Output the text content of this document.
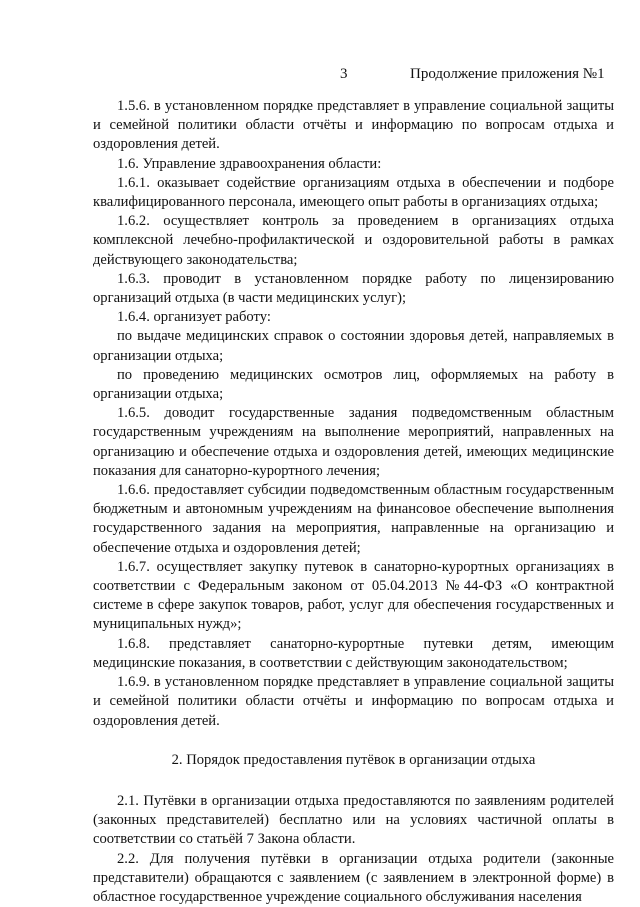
3	Продолжение приложения №1

1.5.6. в установленном порядке представляет в управление социальной защиты и семейной политики области отчёты и информацию по вопросам отдыха и оздоровления детей.

1.6. Управление здравоохранения области:

1.6.1. оказывает содействие организациям отдыха в обеспечении и подборе квалифицированного персонала, имеющего опыт работы в организациях отдыха;

1.6.2. осуществляет контроль за проведением в организациях отдыха комплексной лечебно-профилактической и оздоровительной работы в рамках действующего законодательства;

1.6.3. проводит в установленном порядке работу по лицензированию организаций отдыха (в части медицинских услуг);

1.6.4. организует работу:

по выдаче медицинских справок о состоянии здоровья детей, направляемых в организации отдыха;

по проведению медицинских осмотров лиц, оформляемых на работу в организации отдыха;

1.6.5. доводит государственные задания подведомственным областным государственным учреждениям на выполнение мероприятий, направленных на организацию и обеспечение отдыха и оздоровления детей, имеющих медицинские показания для санаторно-курортного лечения;

1.6.6. предоставляет субсидии подведомственным областным государственным бюджетным и автономным учреждениям на финансовое обеспечение выполнения государственного задания на мероприятия, направленные на организацию и обеспечение отдыха и оздоровления детей;

1.6.7. осуществляет закупку путевок в санаторно-курортных организациях в соответствии с Федеральным законом от 05.04.2013 №44-ФЗ «О контрактной системе в сфере закупок товаров, работ, услуг для обеспечения государственных и муниципальных нужд»;

1.6.8. представляет санаторно-курортные путевки детям, имеющим медицинские показания, в соответствии с действующим законодательством;

1.6.9. в установленном порядке представляет в управление социальной защиты и семейной политики области отчёты и информацию по вопросам отдыха и оздоровления детей.

2. Порядок предоставления путёвок в организации отдыха

2.1. Путёвки в организации отдыха предоставляются по заявлениям родителей (законных представителей) бесплатно или на условиях частичной оплаты в соответствии со статьёй 7 Закона области.

2.2. Для получения путёвки в организации отдыха родители (законные представители) обращаются с заявлением (с заявлением в электронной форме) в областное государственное учреждение социального обслуживания населения
